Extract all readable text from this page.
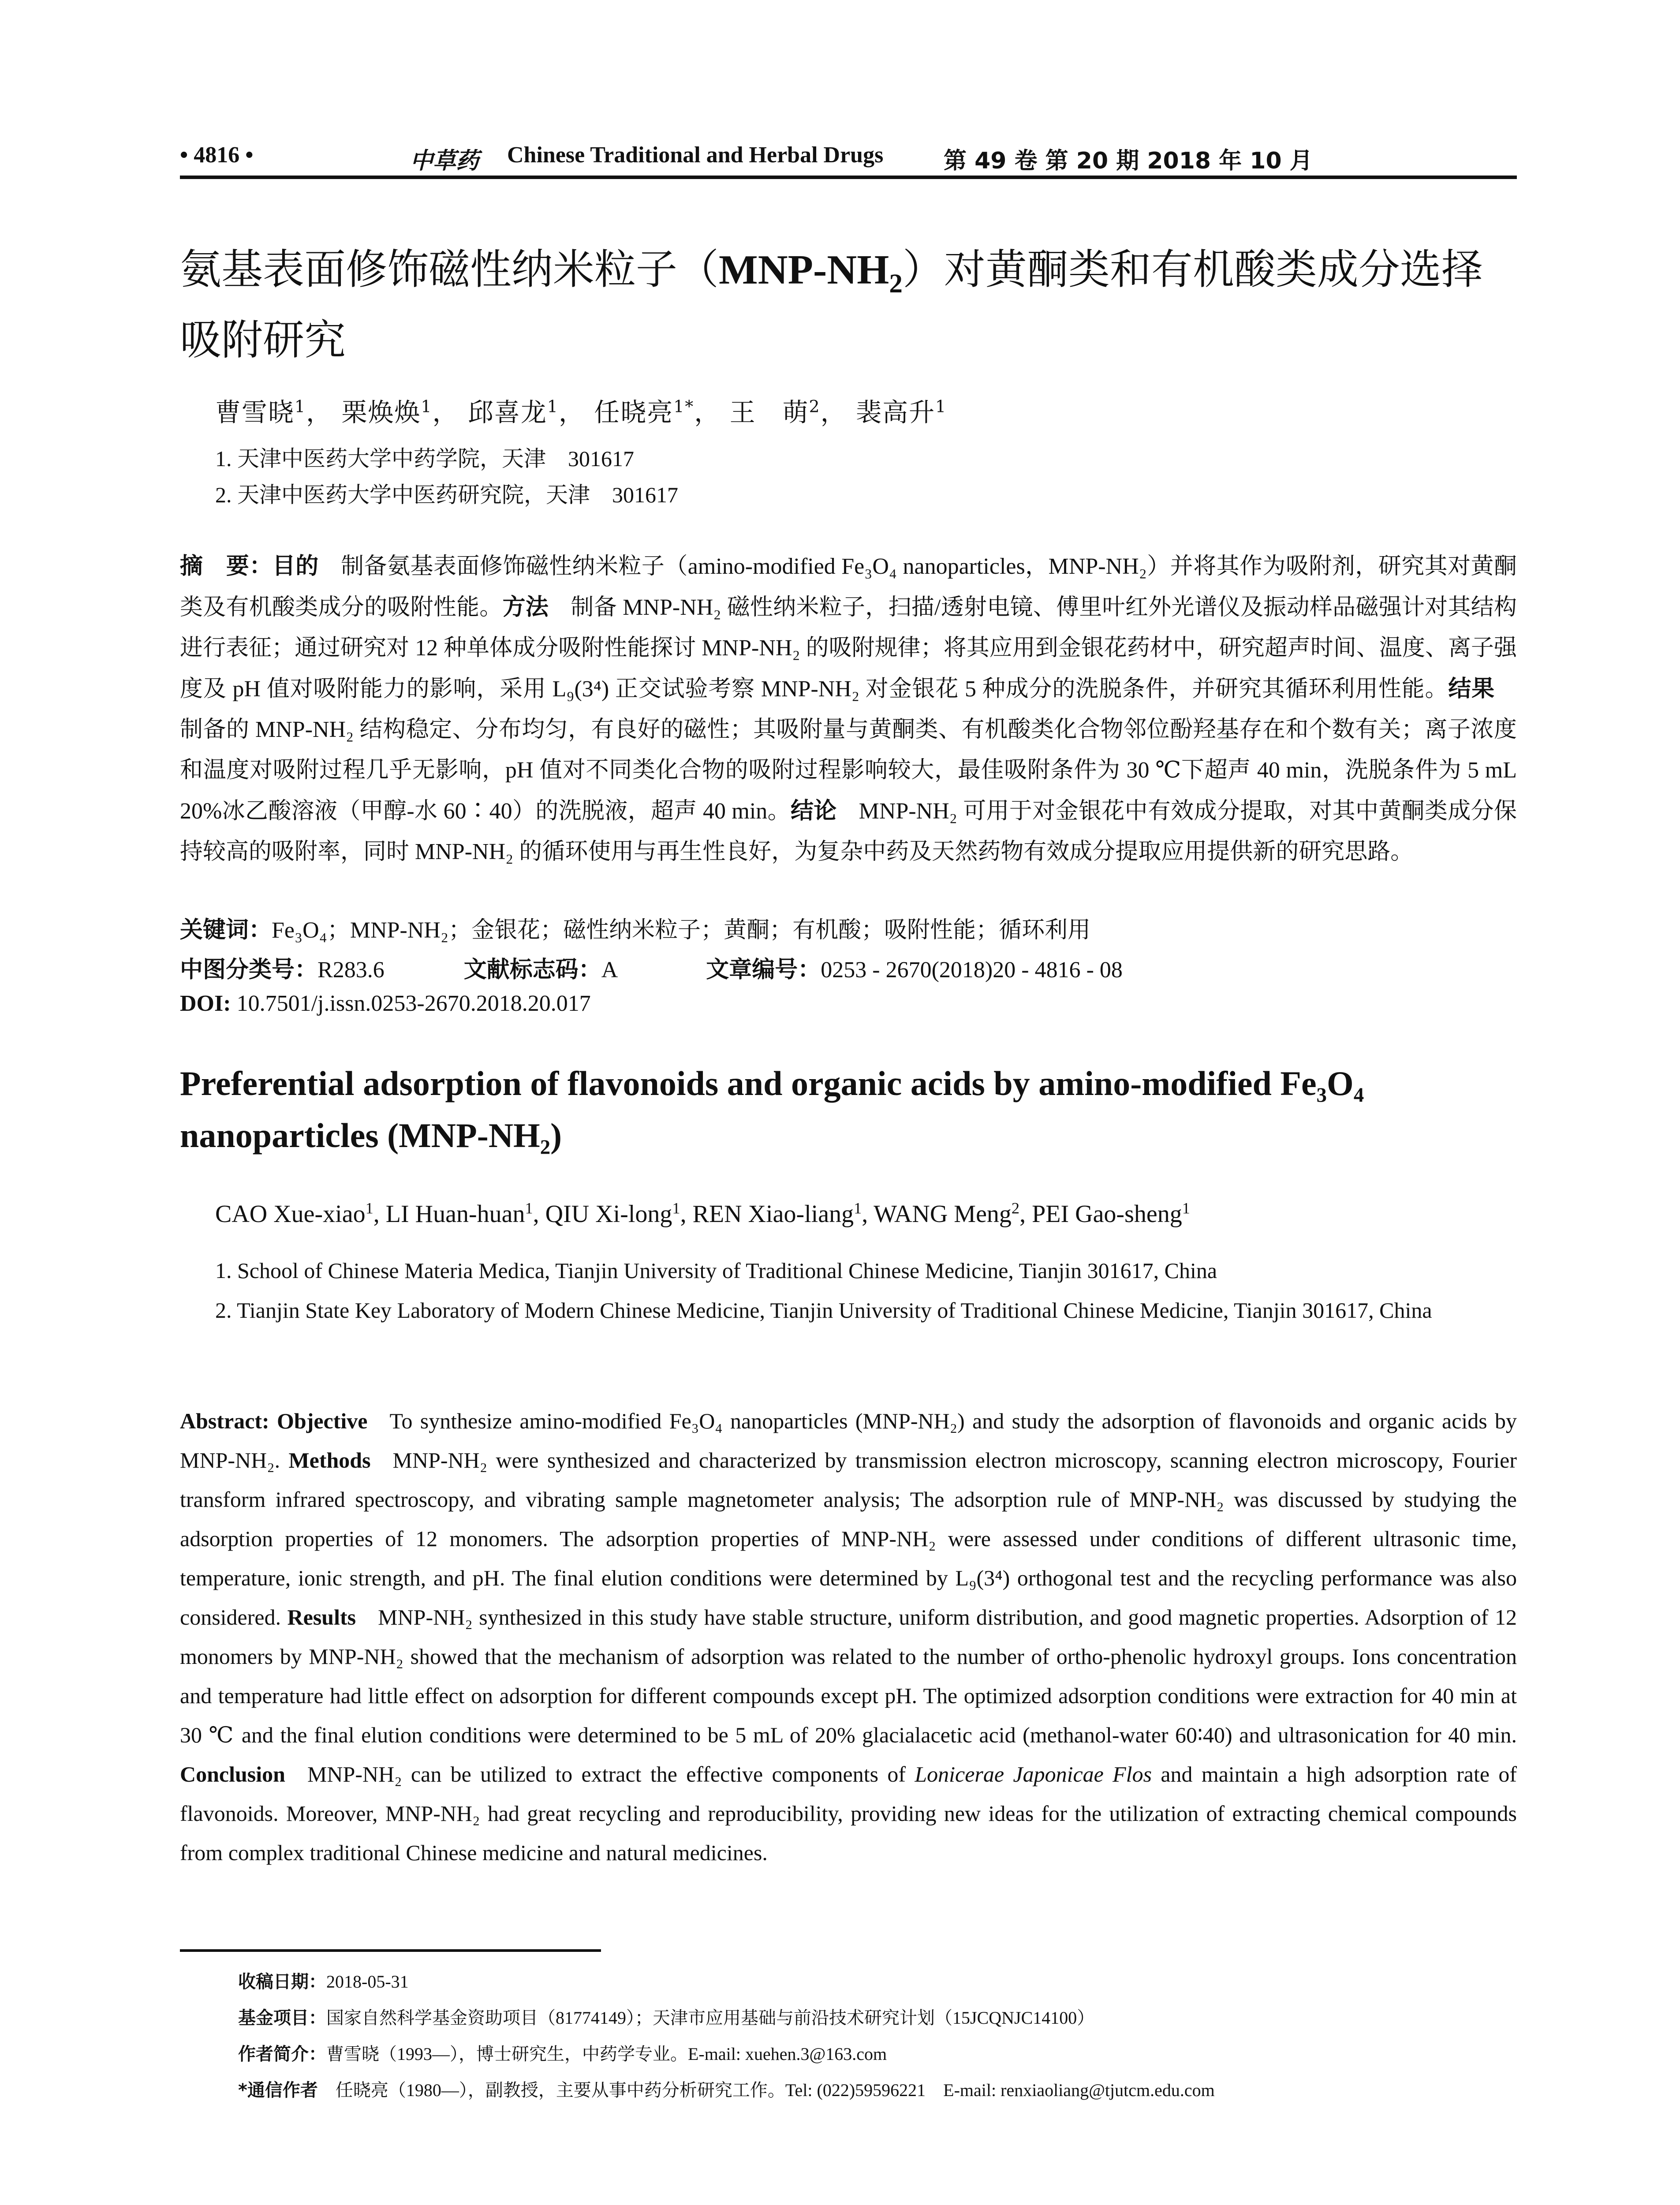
• 4816 •	中草药 Chinese Traditional and Herbal Drugs	第 49 卷 第 20 期 2018 年 10 月
氨基表面修饰磁性纳米粒子$(MNP-NH_2)$对黄酮类和有机酸类成分选择吸附研究
曹雪晓$^1$， 栗焕焕$^1$， 邱喜龙$^1$， 任晓亮$^{1*}$， 王　萌$^2$， 裴高升$^1$
1. 天津中医药大学中药学院，天津　301617
2. 天津中医药大学中医药研究院，天津　301617
摘　要：目的 制备氨基表面修饰磁性纳米粒子（amino-modified Fe₃O₄ nanoparticles，MNP-NH₂）并将其作为吸附剂，研究其对黄酮类及有机酸类成分的吸附性能。方法 制备 MNP-NH₂ 磁性纳米粒子，扫描/透射电镜、傅里叶红外光谱仪及振动样品磁强计对其结构进行表征；通过研究对 12 种单体成分吸附性能探讨 MNP-NH₂ 的吸附规律；将其应用到金银花药材中，研究超声时间、温度、离子强度及 pH 值对吸附能力的影响，采用 L₉(3⁴) 正交试验考察 MNP-NH₂ 对金银花 5 种成分的洗脱条件，并研究其循环利用性能。结果制备的 MNP-NH₂ 结构稳定、分布均匀，有良好的磁性；其吸附量与黄酮类、有机酸类化合物邻位酚羟基存在和个数有关；离子浓度和温度对吸附过程几乎无影响，pH 值对不同类化合物的吸附过程影响较大，最佳吸附条件为 30 ℃下超声 40 min，洗脱条件为 5 mL 20%冰乙酸溶液（甲醇-水 60∶40）的洗脱液，超声 40 min。结论 MNP-NH₂ 可用于对金银花中有效成分提取，对其中黄酮类成分保持较高的吸附率，同时 MNP-NH₂ 的循环使用与再生性良好，为复杂中药及天然药物有效成分提取应用提供新的研究思路。
关键词：Fe₃O₄；MNP-NH₂；金银花；磁性纳米粒子；黄酮；有机酸；吸附性能；循环利用
中图分类号：R283.6	文献标志码：A	文章编号：0253 - 2670(2018)20 - 4816 - 08
DOI: 10.7501/j.issn.0253-2670.2018.20.017
Preferential adsorption of flavonoids and organic acids by amino-modified Fe₃O₄ nanoparticles (MNP-NH₂)
CAO Xue-xiao$^1$, LI Huan-huan$^1$, QIU Xi-long$^1$, REN Xiao-liang$^1$, WANG Meng$^2$, PEI Gao-sheng$^1$
1. School of Chinese Materia Medica, Tianjin University of Traditional Chinese Medicine, Tianjin 301617, China
2. Tianjin State Key Laboratory of Modern Chinese Medicine, Tianjin University of Traditional Chinese Medicine, Tianjin 301617, China
Abstract: Objective To synthesize amino-modified Fe₃O₄ nanoparticles (MNP-NH₂) and study the adsorption of flavonoids and organic acids by MNP-NH₂. Methods MNP-NH₂ were synthesized and characterized by transmission electron microscopy, scanning electron microscopy, Fourier transform infrared spectroscopy, and vibrating sample magnetometer analysis; The adsorption rule of MNP-NH₂ was discussed by studying the adsorption properties of 12 monomers. The adsorption properties of MNP-NH₂ were assessed under conditions of different ultrasonic time, temperature, ionic strength, and pH. The final elution conditions were determined by L₉(3⁴) orthogonal test and the recycling performance was also considered. Results MNP-NH₂ synthesized in this study have stable structure, uniform distribution, and good magnetic properties. Adsorption of 12 monomers by MNP-NH₂ showed that the mechanism of adsorption was related to the number of ortho-phenolic hydroxyl groups. Ions concentration and temperature had little effect on adsorption for different compounds except pH. The optimized adsorption conditions were extraction for 40 min at 30 ℃ and the final elution conditions were determined to be 5 mL of 20% glacialacetic acid (methanol-water 60∶40) and ultrasonication for 40 min. Conclusion MNP-NH₂ can be utilized to extract the effective components of Lonicerae Japonicae Flos and maintain a high adsorption rate of flavonoids. Moreover, MNP-NH₂ had great recycling and reproducibility, providing new ideas for the utilization of extracting chemical compounds from complex traditional Chinese medicine and natural medicines.
收稿日期：2018-05-31
基金项目：国家自然科学基金资助项目（81774149）；天津市应用基础与前沿技术研究计划（15JCQNJC14100）
作者简介：曹雪晓（1993—），博士研究生，中药学专业。E-mail: xuehen.3@163.com
*通信作者 任晓亮（1980—），副教授，主要从事中药分析研究工作。Tel: (022)59596221　E-mail: renxiaoliang@tjutcm.edu.com
